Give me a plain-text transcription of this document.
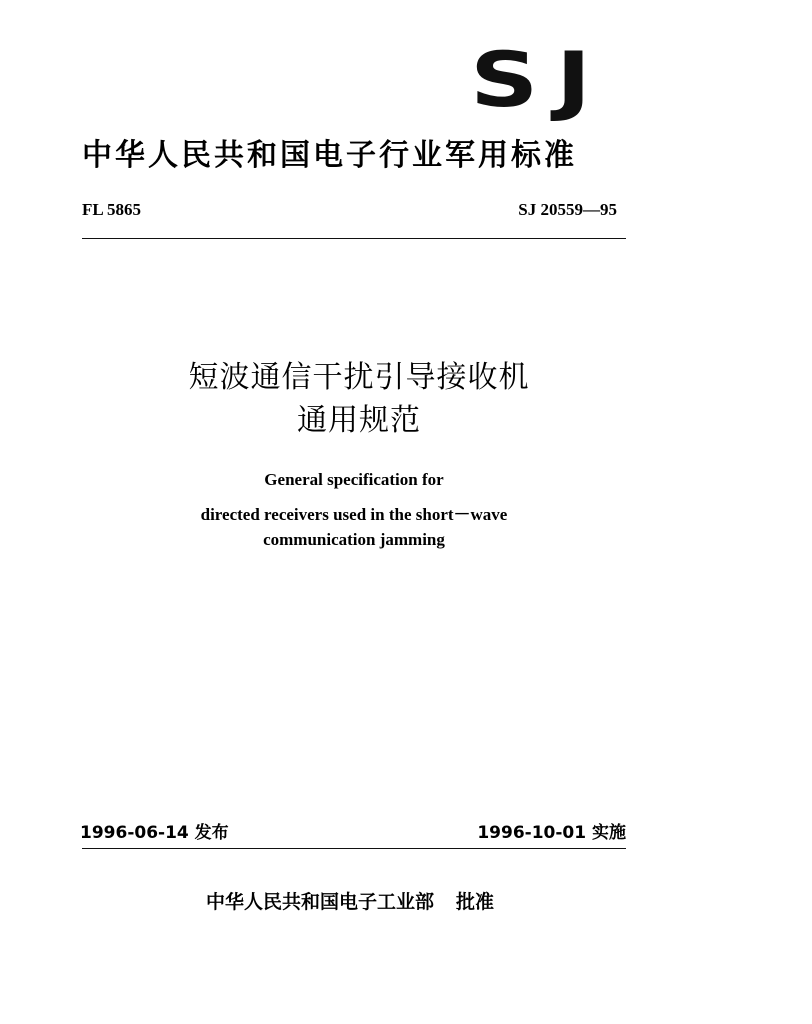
SJ
中华人民共和国电子行业军用标准
FL 5865	SJ 20559—95
短波通信干扰引导接收机
通用规范
General specification for
directed receivers used in the short－wave
communication jamming
1996-06-14 发布	1996-10-01 实施
中华人民共和国电子工业部 批准
